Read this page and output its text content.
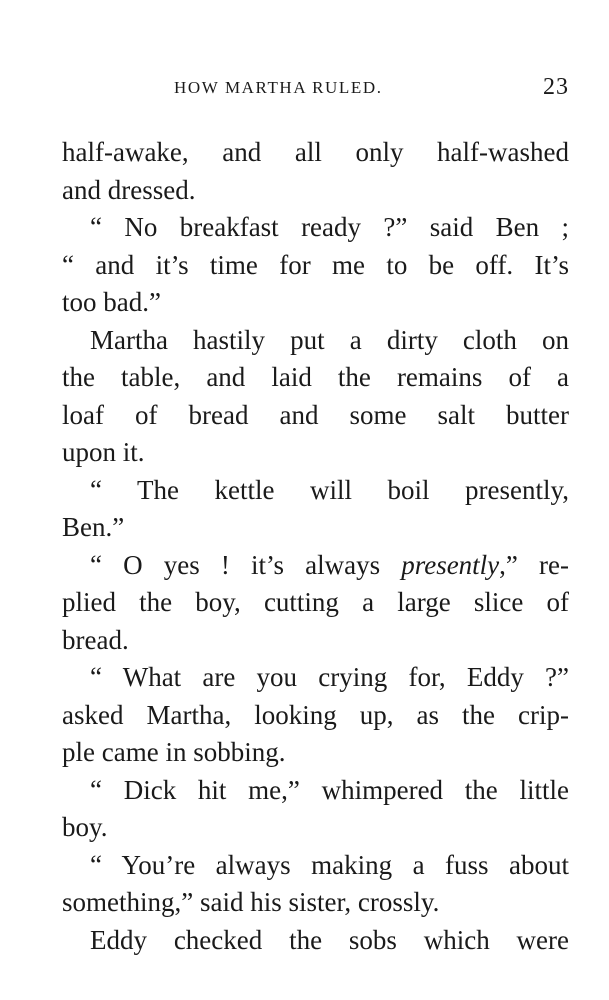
HOW MARTHA RULED.	23
half-awake, and all only half-washed
and dressed.
“ No breakfast ready ?” said Ben ;
“ and it’s time for me to be off. It’s
too bad.”
Martha hastily put a dirty cloth on
the table, and laid the remains of a
loaf of bread and some salt butter
upon it.
“ The kettle will boil presently,
Ben.”
“ O yes ! it’s always presently,” re-
plied the boy, cutting a large slice of
bread.
“ What are you crying for, Eddy ?”
asked Martha, looking up, as the crip-
ple came in sobbing.
“ Dick hit me,” whimpered the little
boy.
“ You’re always making a fuss about
something,” said his sister, crossly.
Eddy checked the sobs which were
